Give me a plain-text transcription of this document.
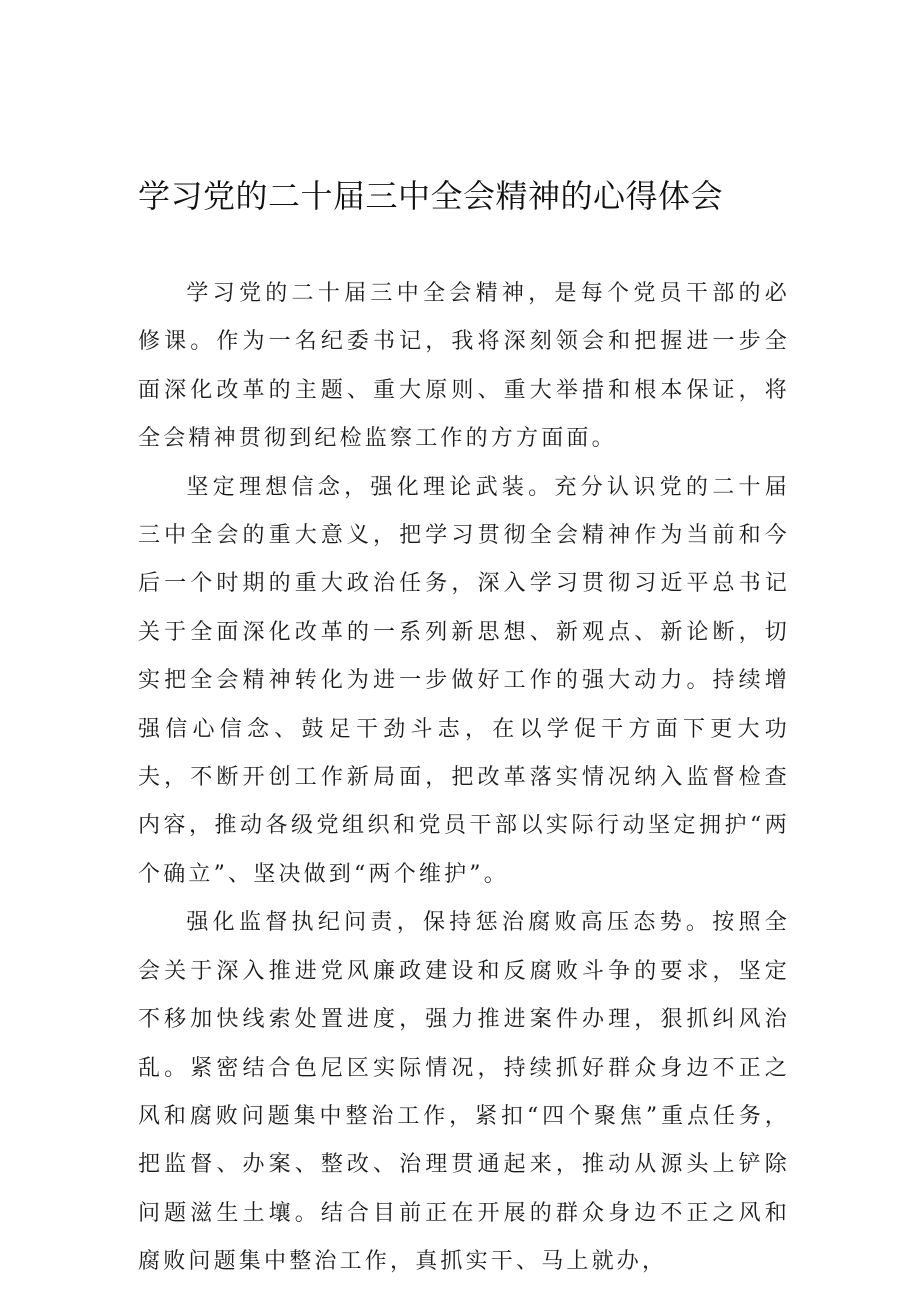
学习党的二十届三中全会精神的心得体会

学习党的二十届三中全会精神，是每个党员干部的必修课。作为一名纪委书记，我将深刻领会和把握进一步全面深化改革的主题、重大原则、重大举措和根本保证，将全会精神贯彻到纪检监察工作的方方面面。

坚定理想信念，强化理论武装。充分认识党的二十届三中全会的重大意义，把学习贯彻全会精神作为当前和今后一个时期的重大政治任务，深入学习贯彻习近平总书记关于全面深化改革的一系列新思想、新观点、新论断，切实把全会精神转化为进一步做好工作的强大动力。持续增强信心信念、鼓足干劲斗志，在以学促干方面下更大功夫，不断开创工作新局面，把改革落实情况纳入监督检查内容，推动各级党组织和党员干部以实际行动坚定拥护“两个确立”、坚决做到“两个维护”。

强化监督执纪问责，保持惩治腐败高压态势。按照全会关于深入推进党风廉政建设和反腐败斗争的要求，坚定不移加快线索处置进度，强力推进案件办理，狠抓纠风治乱。紧密结合色尼区实际情况，持续抓好群众身边不正之风和腐败问题集中整治工作，紧扣“四个聚焦”重点任务，把监督、办案、整改、治理贯通起来，推动从源头上铲除问题滋生土壤。结合目前正在开展的群众身边不正之风和腐败问题集中整治工作，真抓实干、马上就办，
